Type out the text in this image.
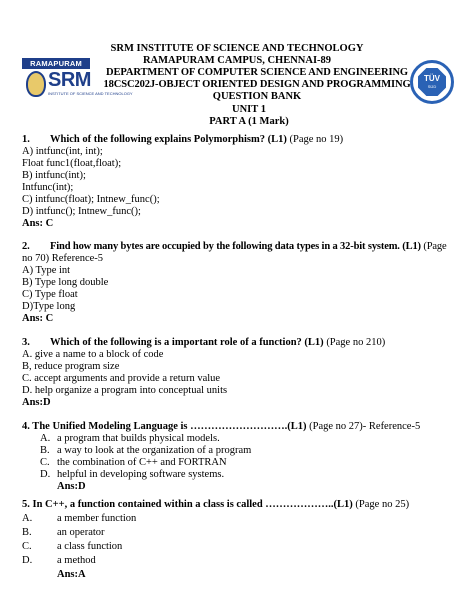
RAMAPURAM
SRM
INSTITUTE OF SCIENCE AND TECHNOLOGY
TÜV
SÜD
SRM INSTITUTE OF SCIENCE AND TECHNOLOGY
RAMAPURAM CAMPUS, CHENNAI-89
DEPARTMENT OF COMPUTER SCIENCE AND ENGINEERING
18CSC202J-OBJECT ORIENTED DESIGN AND PROGRAMMING
QUESTION BANK
UNIT 1
PART A (1 Mark)
1. Which of the following explains Polymorphism? (L1) (Page no 19)
A) intfunc(int, int);
Float func1(float,float);
B) intfunc(int);
Intfunc(int);
C) intfunc(float); Intnew_func();
D) intfunc(); Intnew_func();
Ans: C
2. Find how many bytes are occupied by the following data types in a 32-bit system. (L1) (Page
no 70) Reference-5
A) Type int
B) Type long double
C) Type float
D)Type long
Ans: C
3. Which of the following is a important role of a function? (L1) (Page no 210)
A. give a name to a block of code
B, reduce program size
C. accept arguments and provide a return value
D. help organize a program into conceptual units
Ans:D
4. The Unified Modeling Language is ……………………….(L1) (Page no 27)- Reference-5
A. a program that builds physical models.
B. a way to look at the organization of a program
C. the combination of C++ and FORTRAN
D. helpful in developing software systems.
Ans:D
5. In C++, a function contained within a class is called ………………..(L1) (Page no 25)
A. a member function
B. an operator
C. a class function
D. a method
Ans:A
